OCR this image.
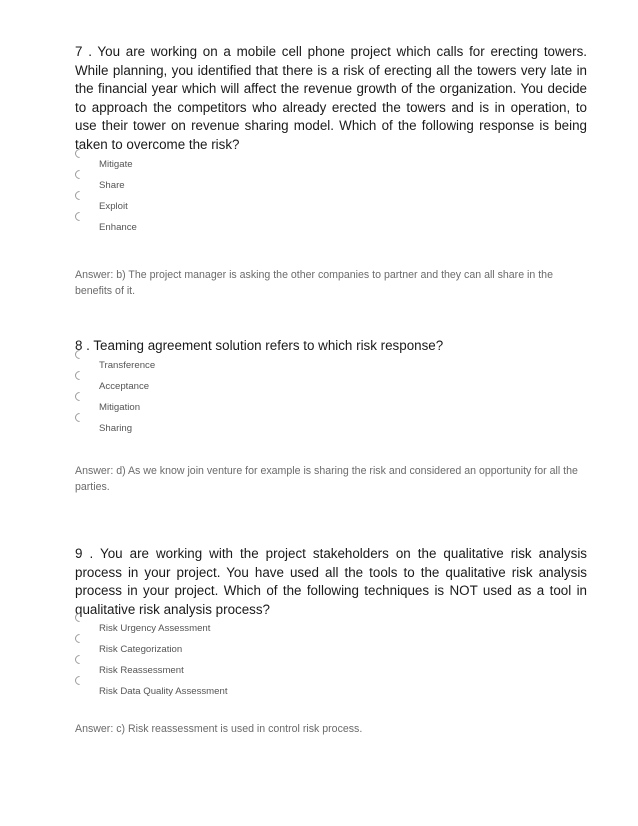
7 . You are working on a mobile cell phone project which calls for erecting towers. While planning, you identified that there is a risk of erecting all the towers very late in the financial year which will affect the revenue growth of the organization. You decide to approach the competitors who already erected the towers and is in operation, to use their tower on revenue sharing model. Which of the following response is being taken to overcome the risk?

Mitigate
Share
Exploit
Enhance

Answer: b) The project manager is asking the other companies to partner and they can all share in the benefits of it.

8 . Teaming agreement solution refers to which risk response?

Transference
Acceptance
Mitigation
Sharing

Answer: d) As we know join venture for example is sharing the risk and considered an opportunity for all the parties.

9 . You are working with the project stakeholders on the qualitative risk analysis process in your project. You have used all the tools to the qualitative risk analysis process in your project. Which of the following techniques is NOT used as a tool in qualitative risk analysis process?

Risk Urgency Assessment
Risk Categorization
Risk Reassessment
Risk Data Quality Assessment

Answer: c) Risk reassessment is used in control risk process.
